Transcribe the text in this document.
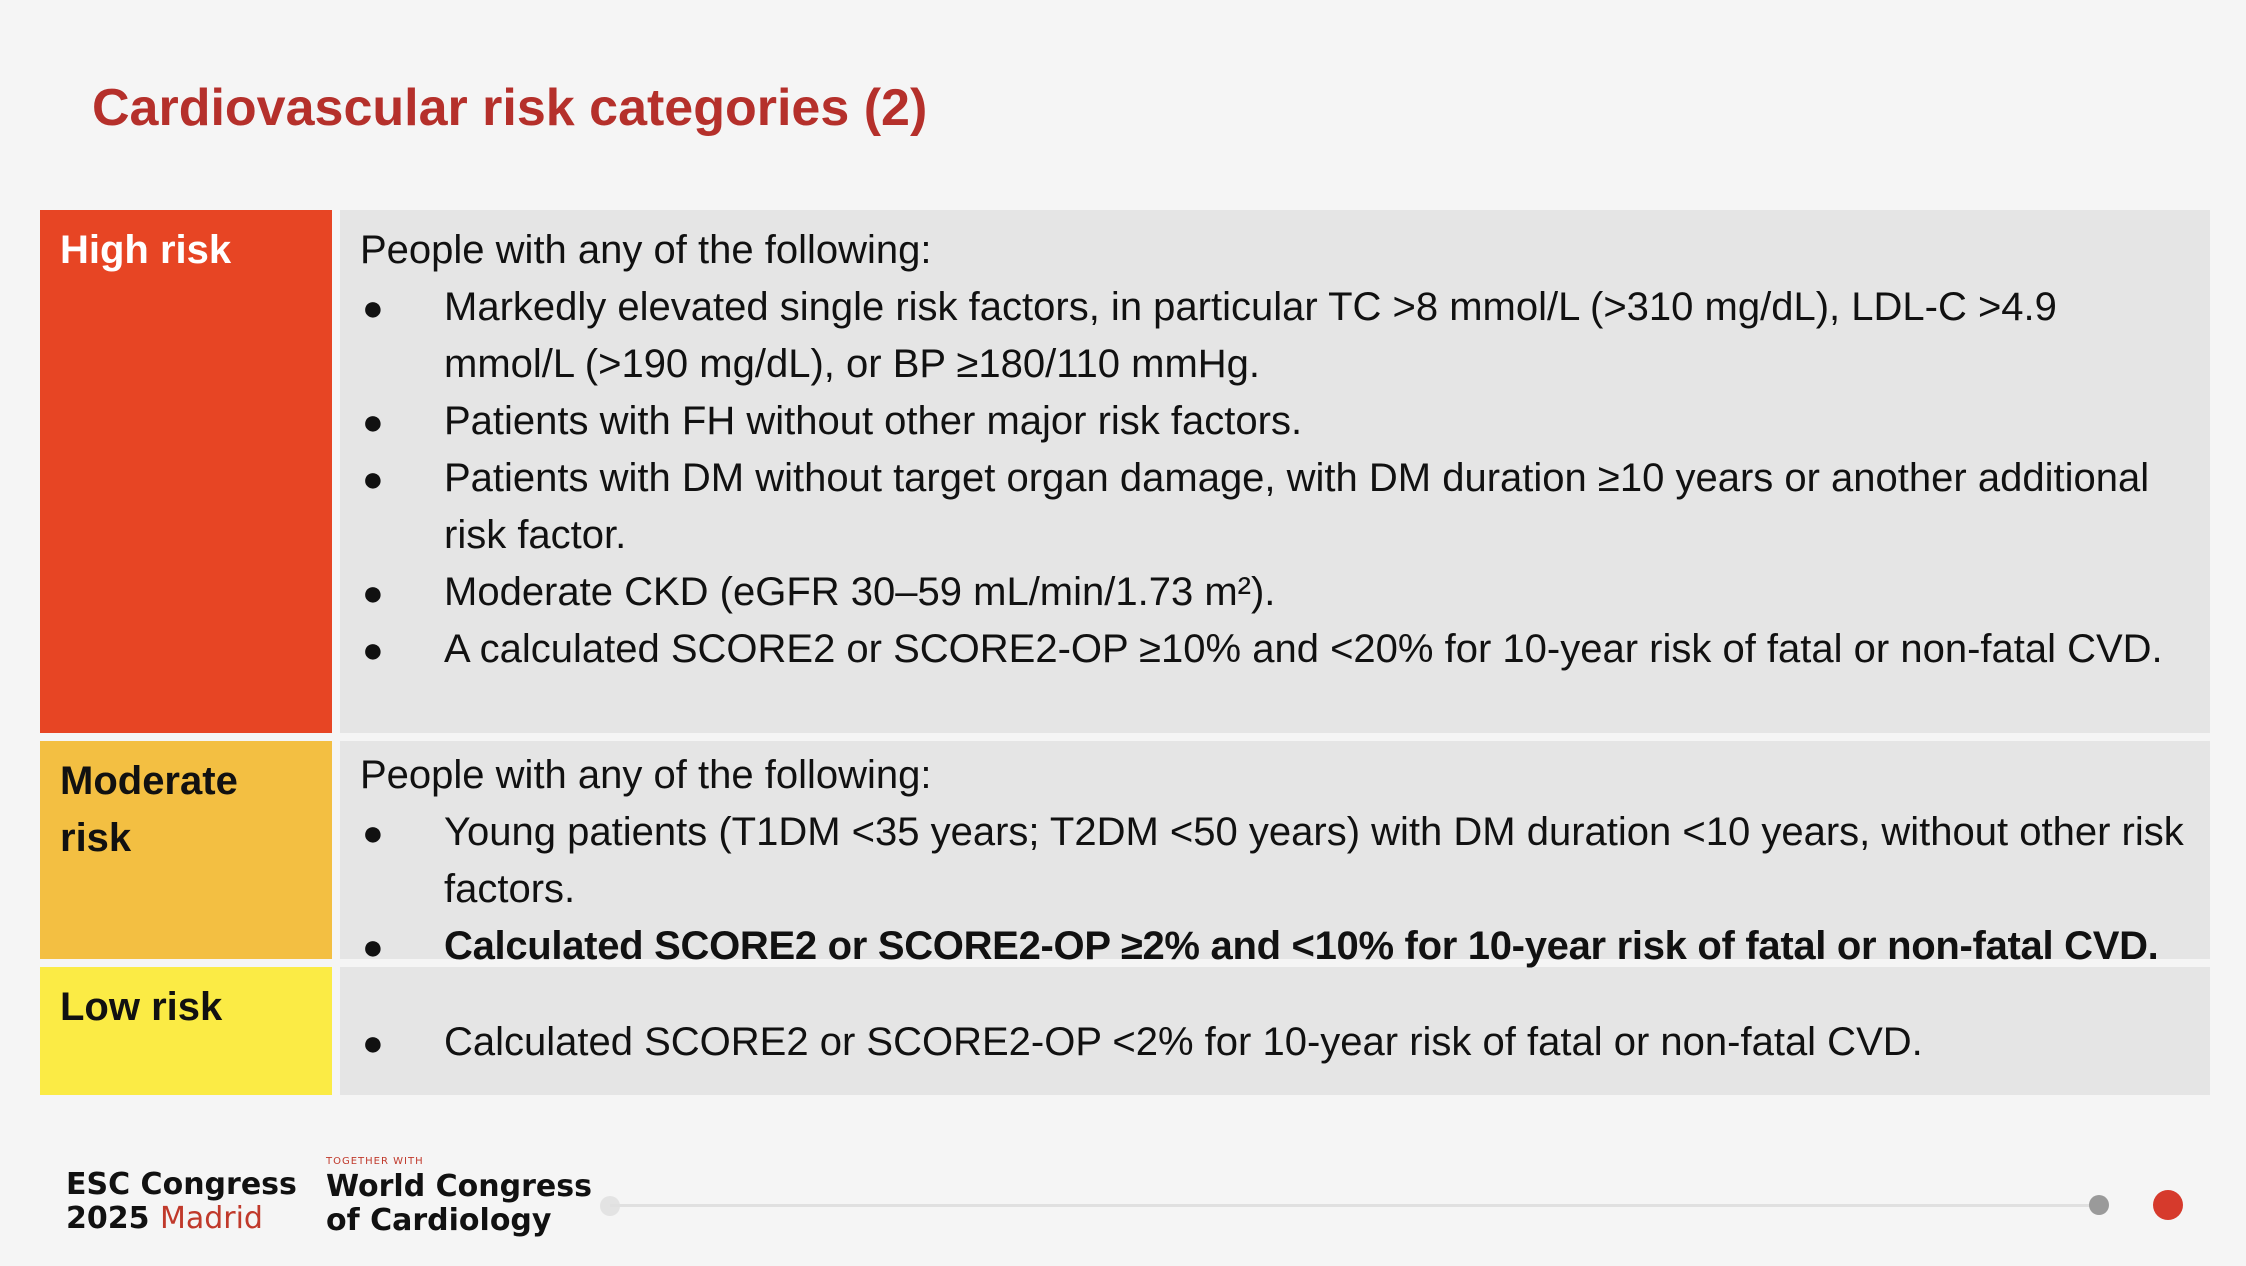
Cardiovascular risk categories (2)
High risk	People with any of the following:
● Markedly elevated single risk factors, in particular TC >8 mmol/L (>310 mg/dL), LDL-C >4.9 mmol/L (>190 mg/dL), or BP ≥180/110 mmHg.
● Patients with FH without other major risk factors.
● Patients with DM without target organ damage, with DM duration ≥10 years or another additional risk factor.
● Moderate CKD (eGFR 30–59 mL/min/1.73 m²).
● A calculated SCORE2 or SCORE2-OP ≥10% and <20% for 10-year risk of fatal or non-fatal CVD.
Moderate risk
People with any of the following:
● Young patients (T1DM <35 years; T2DM <50 years) with DM duration <10 years, without other risk factors.
● Calculated SCORE2 or SCORE2-OP ≥2% and <10% for 10-year risk of fatal or non-fatal CVD.
Low risk
● Calculated SCORE2 or SCORE2-OP <2% for 10-year risk of fatal or non-fatal CVD.
ESC Congress
2025 Madrid
TOGETHER WITH
World Congress
of Cardiology
